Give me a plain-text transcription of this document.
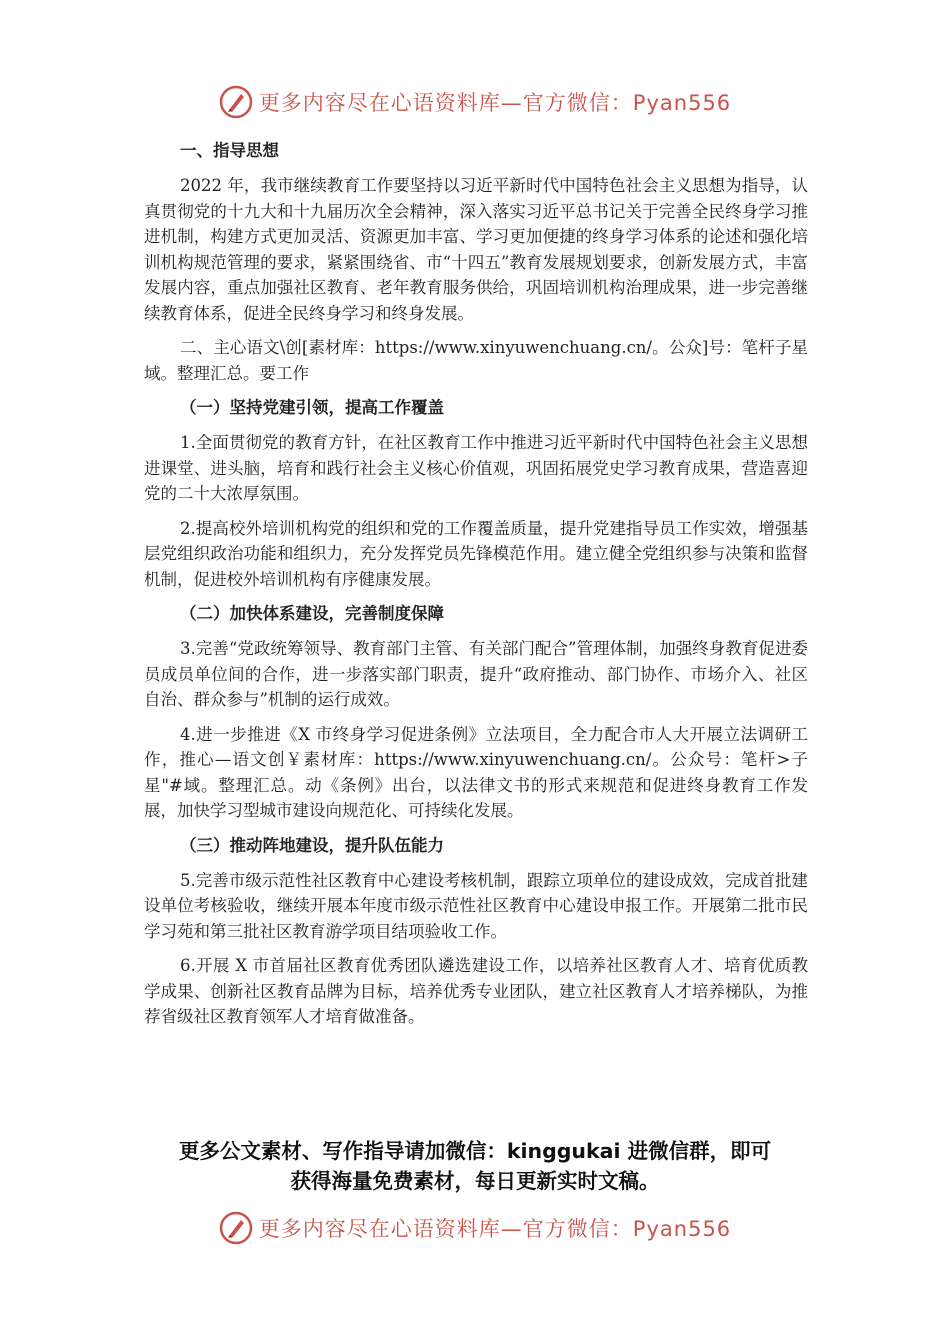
更多内容尽在心语资料库—官方微信：Pyan556

一、指导思想

2022 年，我市继续教育工作要坚持以习近平新时代中国特色社会主义思想为指导，认真贯彻党的十九大和十九届历次全会精神，深入落实习近平总书记关于完善全民终身学习推进机制，构建方式更加灵活、资源更加丰富、学习更加便捷的终身学习体系的论述和强化培训机构规范管理的要求，紧紧围绕省、市“十四五”教育发展规划要求，创新发展方式，丰富发展内容，重点加强社区教育、老年教育服务供给，巩固培训机构治理成果，进一步完善继续教育体系，促进全民终身学习和终身发展。

二、主心语文\创[素材库：https://www.xinyuwenchuang.cn/。公众]号：笔杆子星域。整理汇总。要工作

（一）坚持党建引领，提高工作覆盖

1.全面贯彻党的教育方针，在社区教育工作中推进习近平新时代中国特色社会主义思想进课堂、进头脑，培育和践行社会主义核心价值观，巩固拓展党史学习教育成果，营造喜迎党的二十大浓厚氛围。

2.提高校外培训机构党的组织和党的工作覆盖质量，提升党建指导员工作实效，增强基层党组织政治功能和组织力，充分发挥党员先锋模范作用。建立健全党组织参与决策和监督机制，促进校外培训机构有序健康发展。

（二）加快体系建设，完善制度保障

3.完善“党政统筹领导、教育部门主管、有关部门配合”管理体制，加强终身教育促进委员成员单位间的合作，进一步落实部门职责，提升“政府推动、部门协作、市场介入、社区自治、群众参与”机制的运行成效。

4.进一步推进《X 市终身学习促进条例》立法项目，全力配合市人大开展立法调研工作，推心—语文创￥素材库：https://www.xinyuwenchuang.cn/。公众号：笔杆>子星"#域。整理汇总。动《条例》出台，以法律文书的形式来规范和促进终身教育工作发展，加快学习型城市建设向规范化、可持续化发展。

（三）推动阵地建设，提升队伍能力

5.完善市级示范性社区教育中心建设考核机制，跟踪立项单位的建设成效，完成首批建设单位考核验收，继续开展本年度市级示范性社区教育中心建设申报工作。开展第二批市民学习苑和第三批社区教育游学项目结项验收工作。

6.开展 X 市首届社区教育优秀团队遴选建设工作，以培养社区教育人才、培育优质教学成果、创新社区教育品牌为目标，培养优秀专业团队，建立社区教育人才培养梯队，为推荐省级社区教育领军人才培育做准备。

更多公文素材、写作指导请加微信：kinggukai 进微信群，即可
获得海量免费素材，每日更新实时文稿。
更多内容尽在心语资料库—官方微信：Pyan556
